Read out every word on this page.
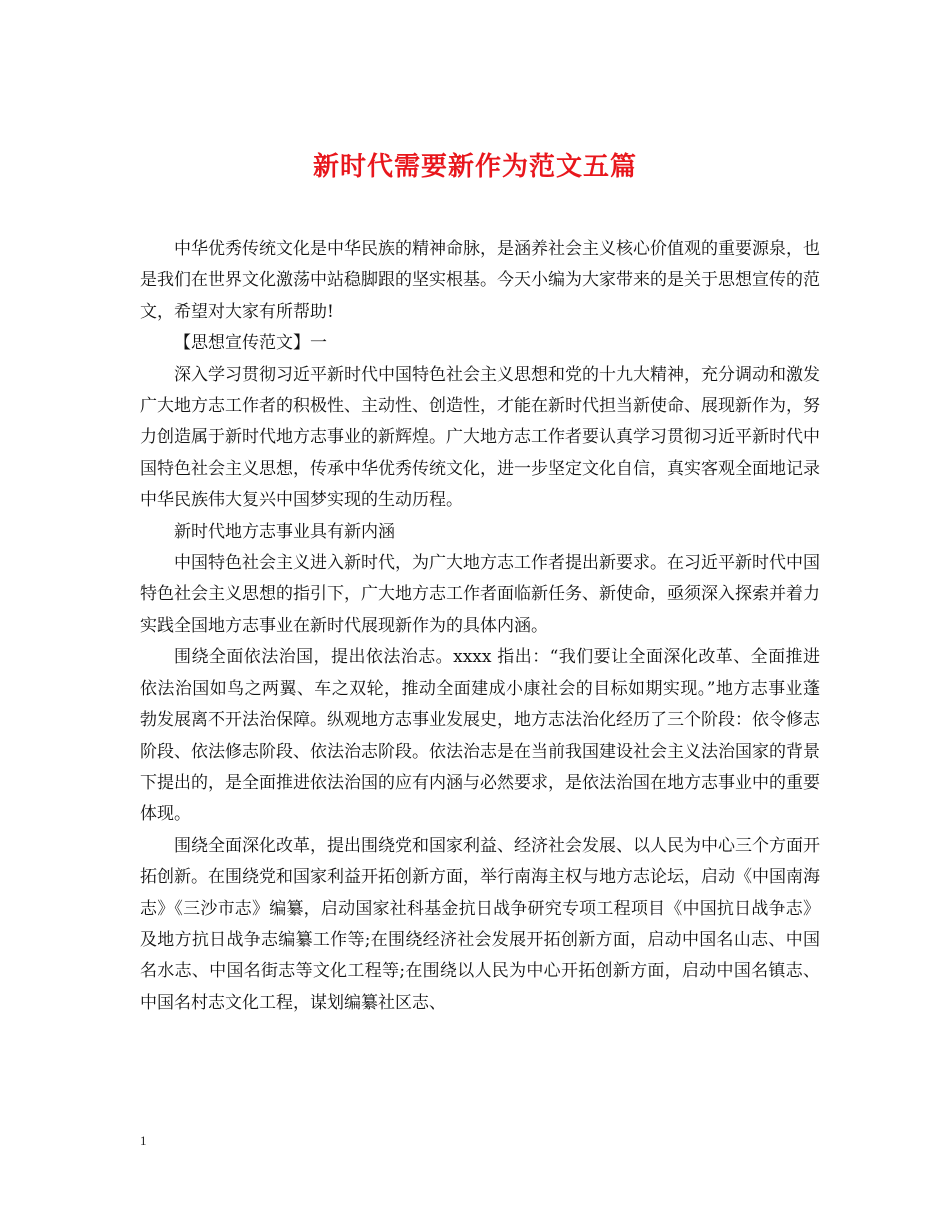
新时代需要新作为范文五篇

中华优秀传统文化是中华民族的精神命脉，是涵养社会主义核心价值观的重要源泉，也是我们在世界文化激荡中站稳脚跟的坚实根基。今天小编为大家带来的是关于思想宣传的范文，希望对大家有所帮助!

【思想宣传范文】一

深入学习贯彻习近平新时代中国特色社会主义思想和党的十九大精神，充分调动和激发广大地方志工作者的积极性、主动性、创造性，才能在新时代担当新使命、展现新作为，努力创造属于新时代地方志事业的新辉煌。广大地方志工作者要认真学习贯彻习近平新时代中国特色社会主义思想，传承中华优秀传统文化，进一步坚定文化自信，真实客观全面地记录中华民族伟大复兴中国梦实现的生动历程。

新时代地方志事业具有新内涵

中国特色社会主义进入新时代，为广大地方志工作者提出新要求。在习近平新时代中国特色社会主义思想的指引下，广大地方志工作者面临新任务、新使命，亟须深入探索并着力实践全国地方志事业在新时代展现新作为的具体内涵。

围绕全面依法治国，提出依法治志。xxxx 指出：“我们要让全面深化改革、全面推进依法治国如鸟之两翼、车之双轮，推动全面建成小康社会的目标如期实现。”地方志事业蓬勃发展离不开法治保障。纵观地方志事业发展史，地方志法治化经历了三个阶段：依令修志阶段、依法修志阶段、依法治志阶段。依法治志是在当前我国建设社会主义法治国家的背景下提出的，是全面推进依法治国的应有内涵与必然要求，是依法治国在地方志事业中的重要体现。

围绕全面深化改革，提出围绕党和国家利益、经济社会发展、以人民为中心三个方面开拓创新。在围绕党和国家利益开拓创新方面，举行南海主权与地方志论坛，启动《中国南海志》《三沙市志》编纂，启动国家社科基金抗日战争研究专项工程项目《中国抗日战争志》及地方抗日战争志编纂工作等;在围绕经济社会发展开拓创新方面，启动中国名山志、中国名水志、中国名街志等文化工程等;在围绕以人民为中心开拓创新方面，启动中国名镇志、中国名村志文化工程，谋划编纂社区志、

1
